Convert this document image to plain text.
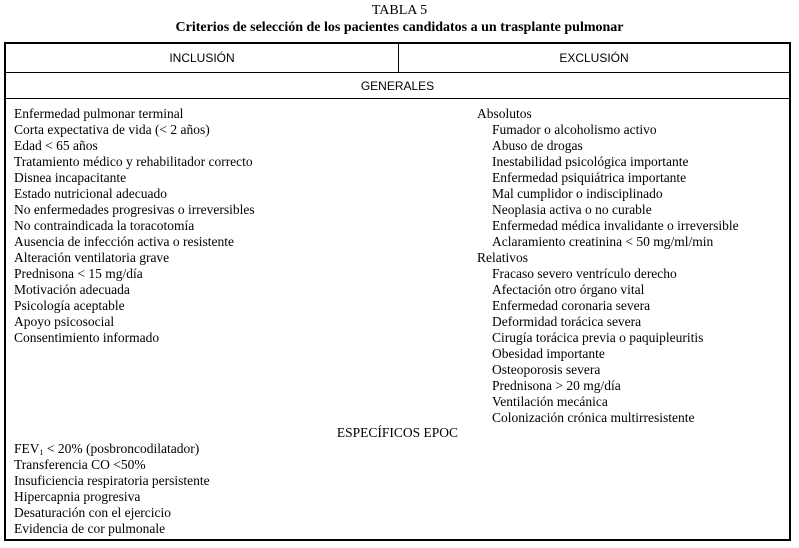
TABLA 5
Criterios de selección de los pacientes candidatos a un trasplante pulmonar
INCLUSIÓN	EXCLUSIÓN
GENERALES
Enfermedad pulmonar terminal
Corta expectativa de vida (< 2 años)
Edad < 65 años
Tratamiento médico y rehabilitador correcto
Disnea incapacitante
Estado nutricional adecuado
No enfermedades progresivas o irreversibles
No contraindicada la toracotomía
Ausencia de infección activa o resistente
Alteración ventilatoria grave
Prednisona < 15 mg/día
Motivación adecuada
Psicología aceptable
Apoyo psicosocial
Consentimiento informado
Absolutos
Fumador o alcoholismo activo
Abuso de drogas
Inestabilidad psicológica importante
Enfermedad psiquiátrica importante
Mal cumplidor o indisciplinado
Neoplasia activa o no curable
Enfermedad médica invalidante o irreversible
Aclaramiento creatinina < 50 mg/ml/min
Relativos
Fracaso severo ventrículo derecho
Afectación otro órgano vital
Enfermedad coronaria severa
Deformidad torácica severa
Cirugía torácica previa o paquipleuritis
Obesidad importante
Osteoporosis severa
Prednisona > 20 mg/día
Ventilación mecánica
Colonización crónica multirresistente
ESPECÍFICOS EPOC
$FEV_1 < 20\%$ (posbroncodilatador)
Transferencia CO <50%
Insuficiencia respiratoria persistente
Hipercapnia progresiva
Desaturación con el ejercicio
Evidencia de cor pulmonale
